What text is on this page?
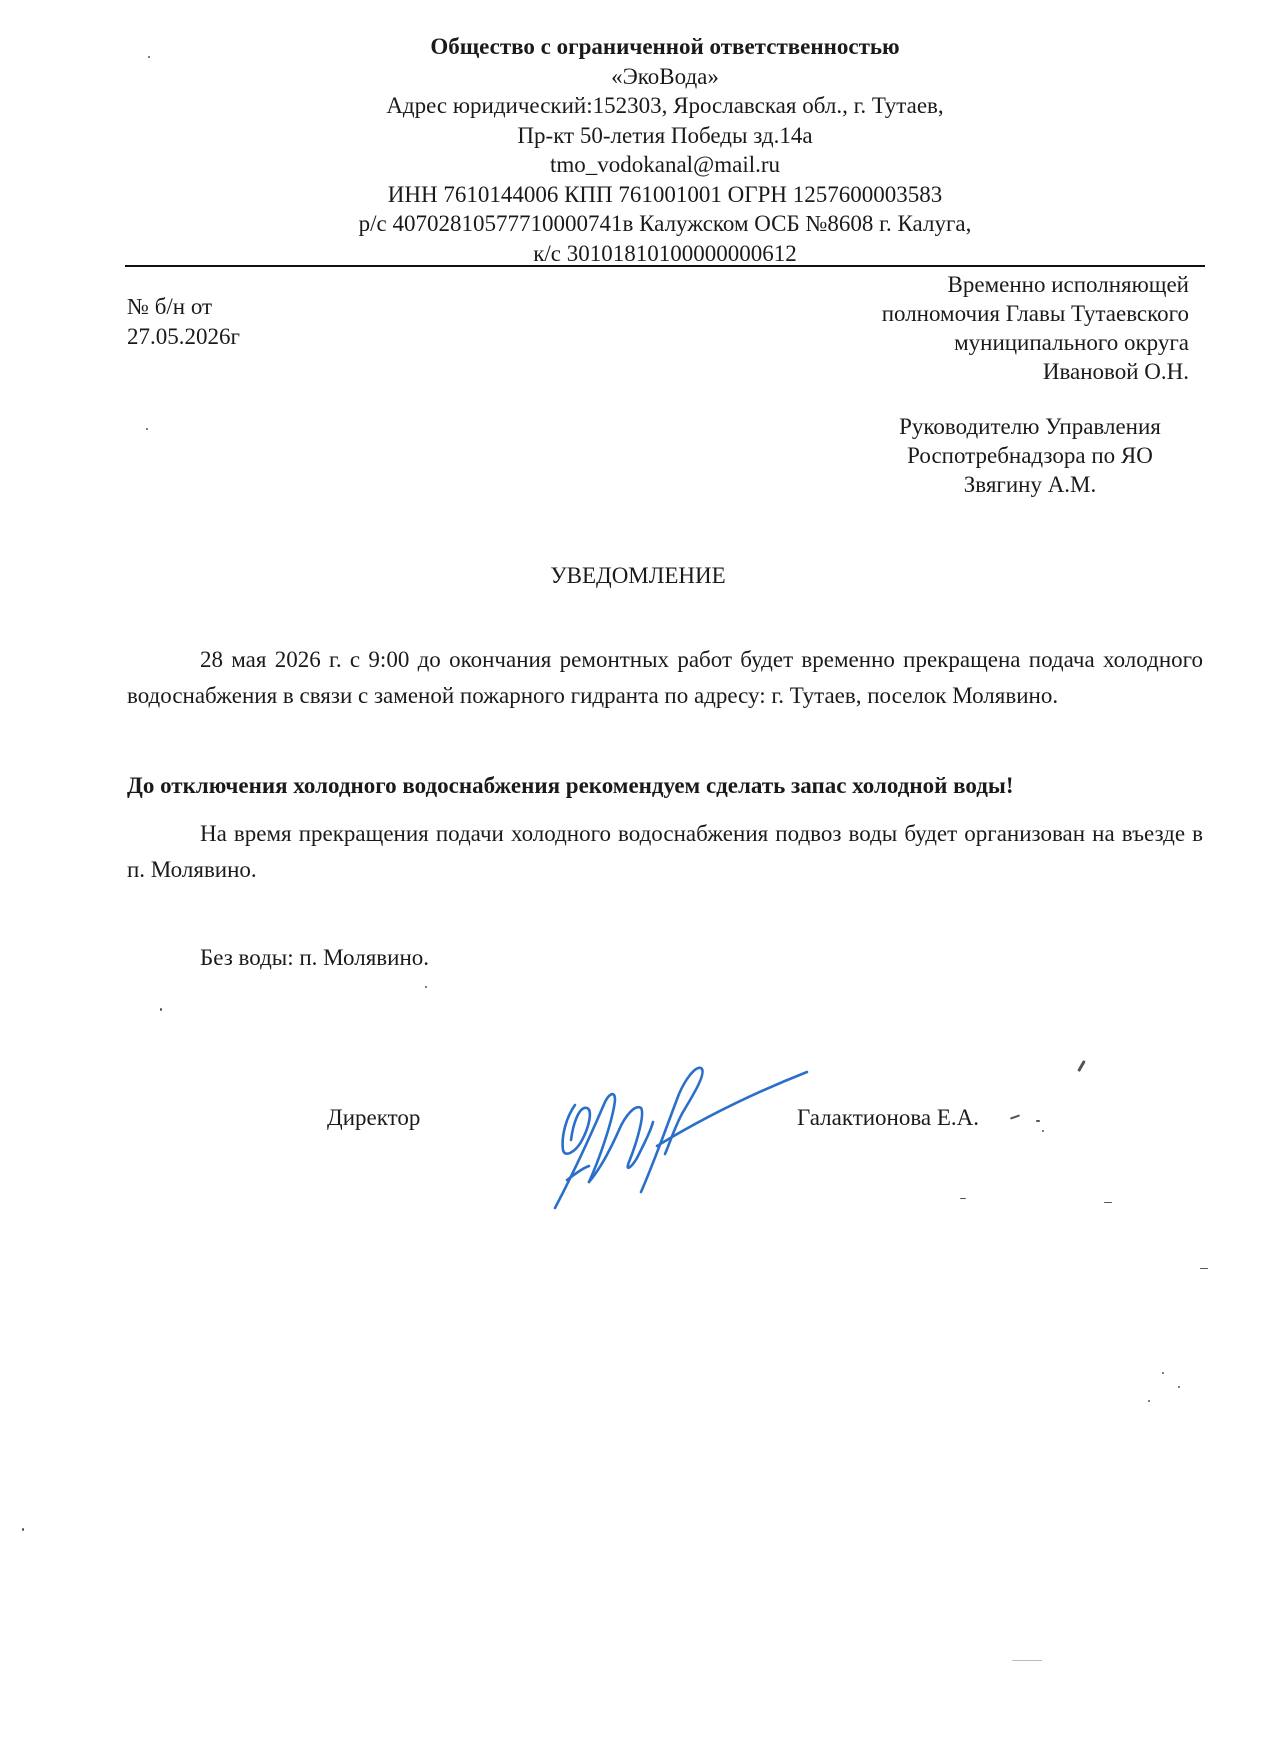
Общество с ограниченной ответственностью
«ЭкоВода»
Адрес юридический:152303, Ярославская обл., г. Тутаев,
Пр-кт 50-летия Победы зд.14а
tmo_vodokanal@mail.ru
ИНН 7610144006 КПП 761001001 ОГРН 1257600003583
р/с 40702810577710000741в Калужском ОСБ №8608 г. Калуга,
к/с 30101810100000000612
№ б/н от
27.05.2026г
Временно исполняющей
полномочия Главы Тутаевского
муниципального округа
Ивановой О.Н.
Руководителю Управления
Роспотребнадзора по ЯО
Звягину А.М.
УВЕДОМЛЕНИЕ
28 мая 2026 г. с 9:00 до окончания ремонтных работ будет временно прекращена подача холодного водоснабжения в связи с заменой пожарного гидранта по адресу: г. Тутаев, поселок Молявино.
До отключения холодного водоснабжения рекомендуем сделать запас холодной воды!
На время прекращения подачи холодного водоснабжения подвоз воды будет организован на въезде в п. Молявино.
Без воды: п. Молявино.
Директор	Галактионова Е.А.
